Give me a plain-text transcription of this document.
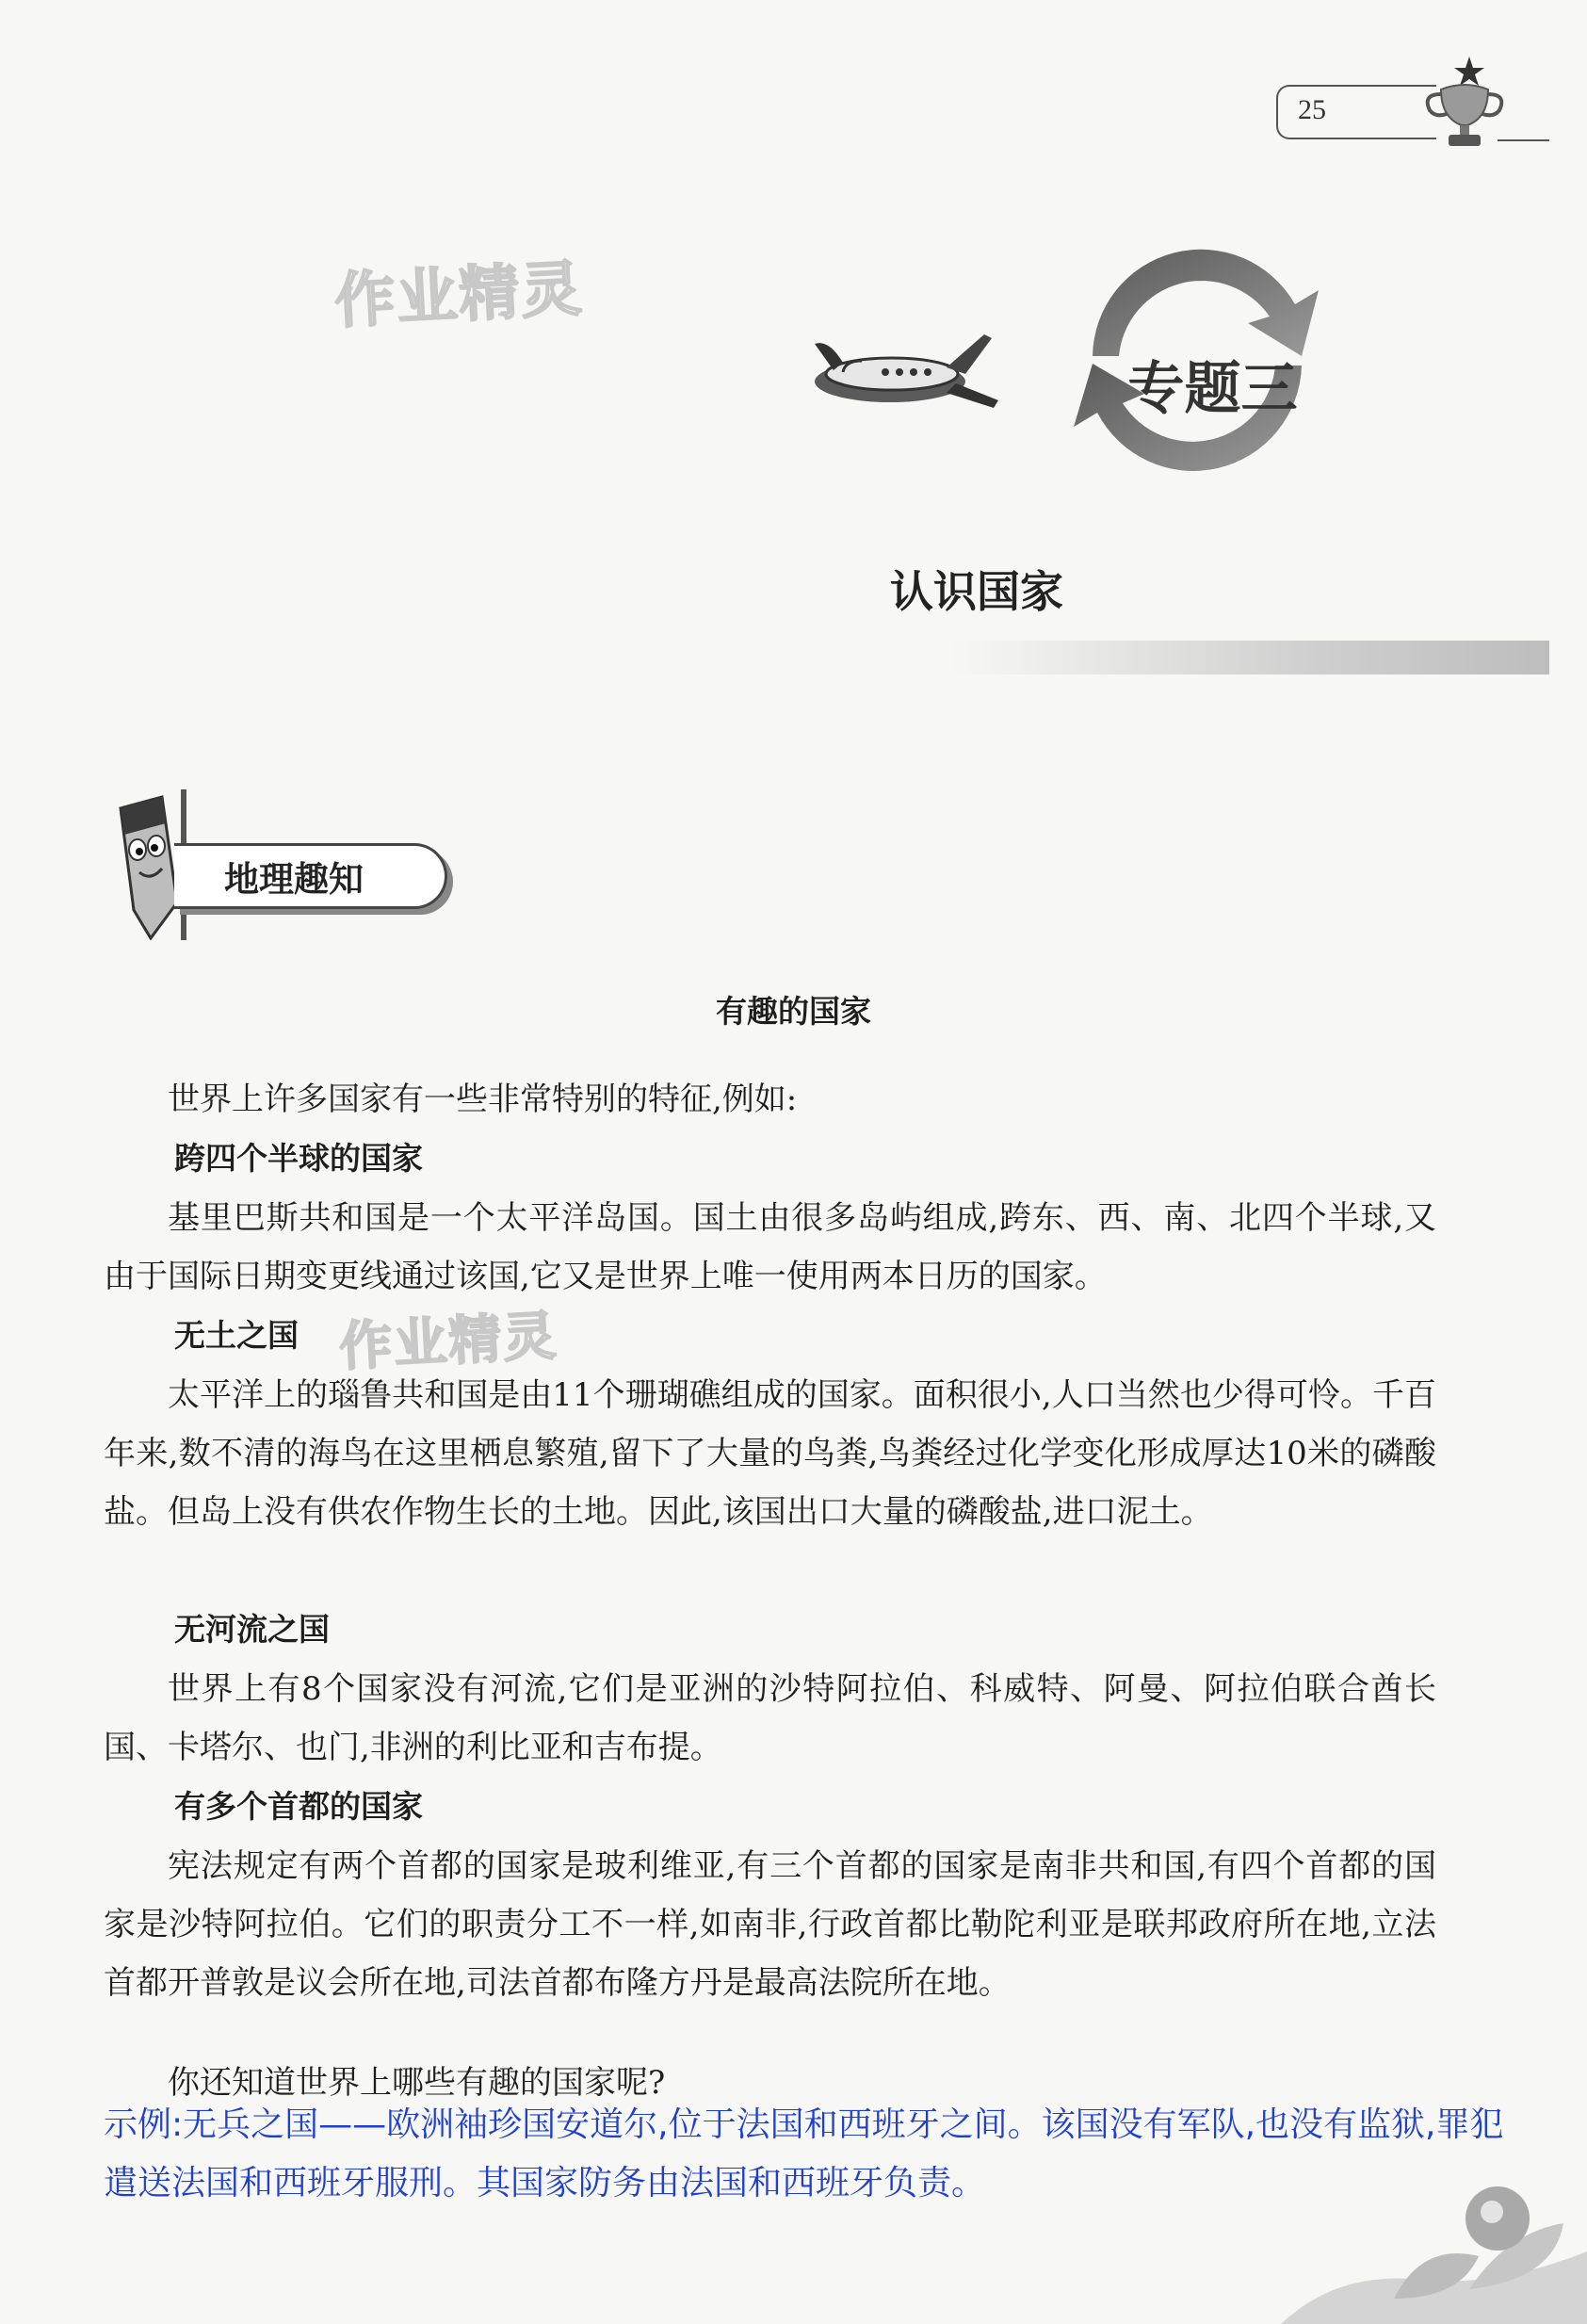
25
作业精灵
作业精灵
专题三
认识国家
地理趣知
有趣的国家

世界上许多国家有一些非常特别的特征,例如:

跨四个半球的国家

基里巴斯共和国是一个太平洋岛国。国土由很多岛屿组成,跨东、西、南、北四个半球,又由于国际日期变更线通过该国,它又是世界上唯一使用两本日历的国家。

无土之国

太平洋上的瑙鲁共和国是由11个珊瑚礁组成的国家。面积很小,人口当然也少得可怜。千百年来,数不清的海鸟在这里栖息繁殖,留下了大量的鸟粪,鸟粪经过化学变化形成厚达10米的磷酸盐。但岛上没有供农作物生长的土地。因此,该国出口大量的磷酸盐,进口泥土。

无河流之国

世界上有8个国家没有河流,它们是亚洲的沙特阿拉伯、科威特、阿曼、阿拉伯联合酋长国、卡塔尔、也门,非洲的利比亚和吉布提。

有多个首都的国家

宪法规定有两个首都的国家是玻利维亚,有三个首都的国家是南非共和国,有四个首都的国家是沙特阿拉伯。它们的职责分工不一样,如南非,行政首都比勒陀利亚是联邦政府所在地,立法首都开普敦是议会所在地,司法首都布隆方丹是最高法院所在地。

你还知道世界上哪些有趣的国家呢?

示例:无兵之国——欧洲袖珍国安道尔,位于法国和西班牙之间。该国没有军队,也没有监狱,罪犯遣送法国和西班牙服刑。其国家防务由法国和西班牙负责。
